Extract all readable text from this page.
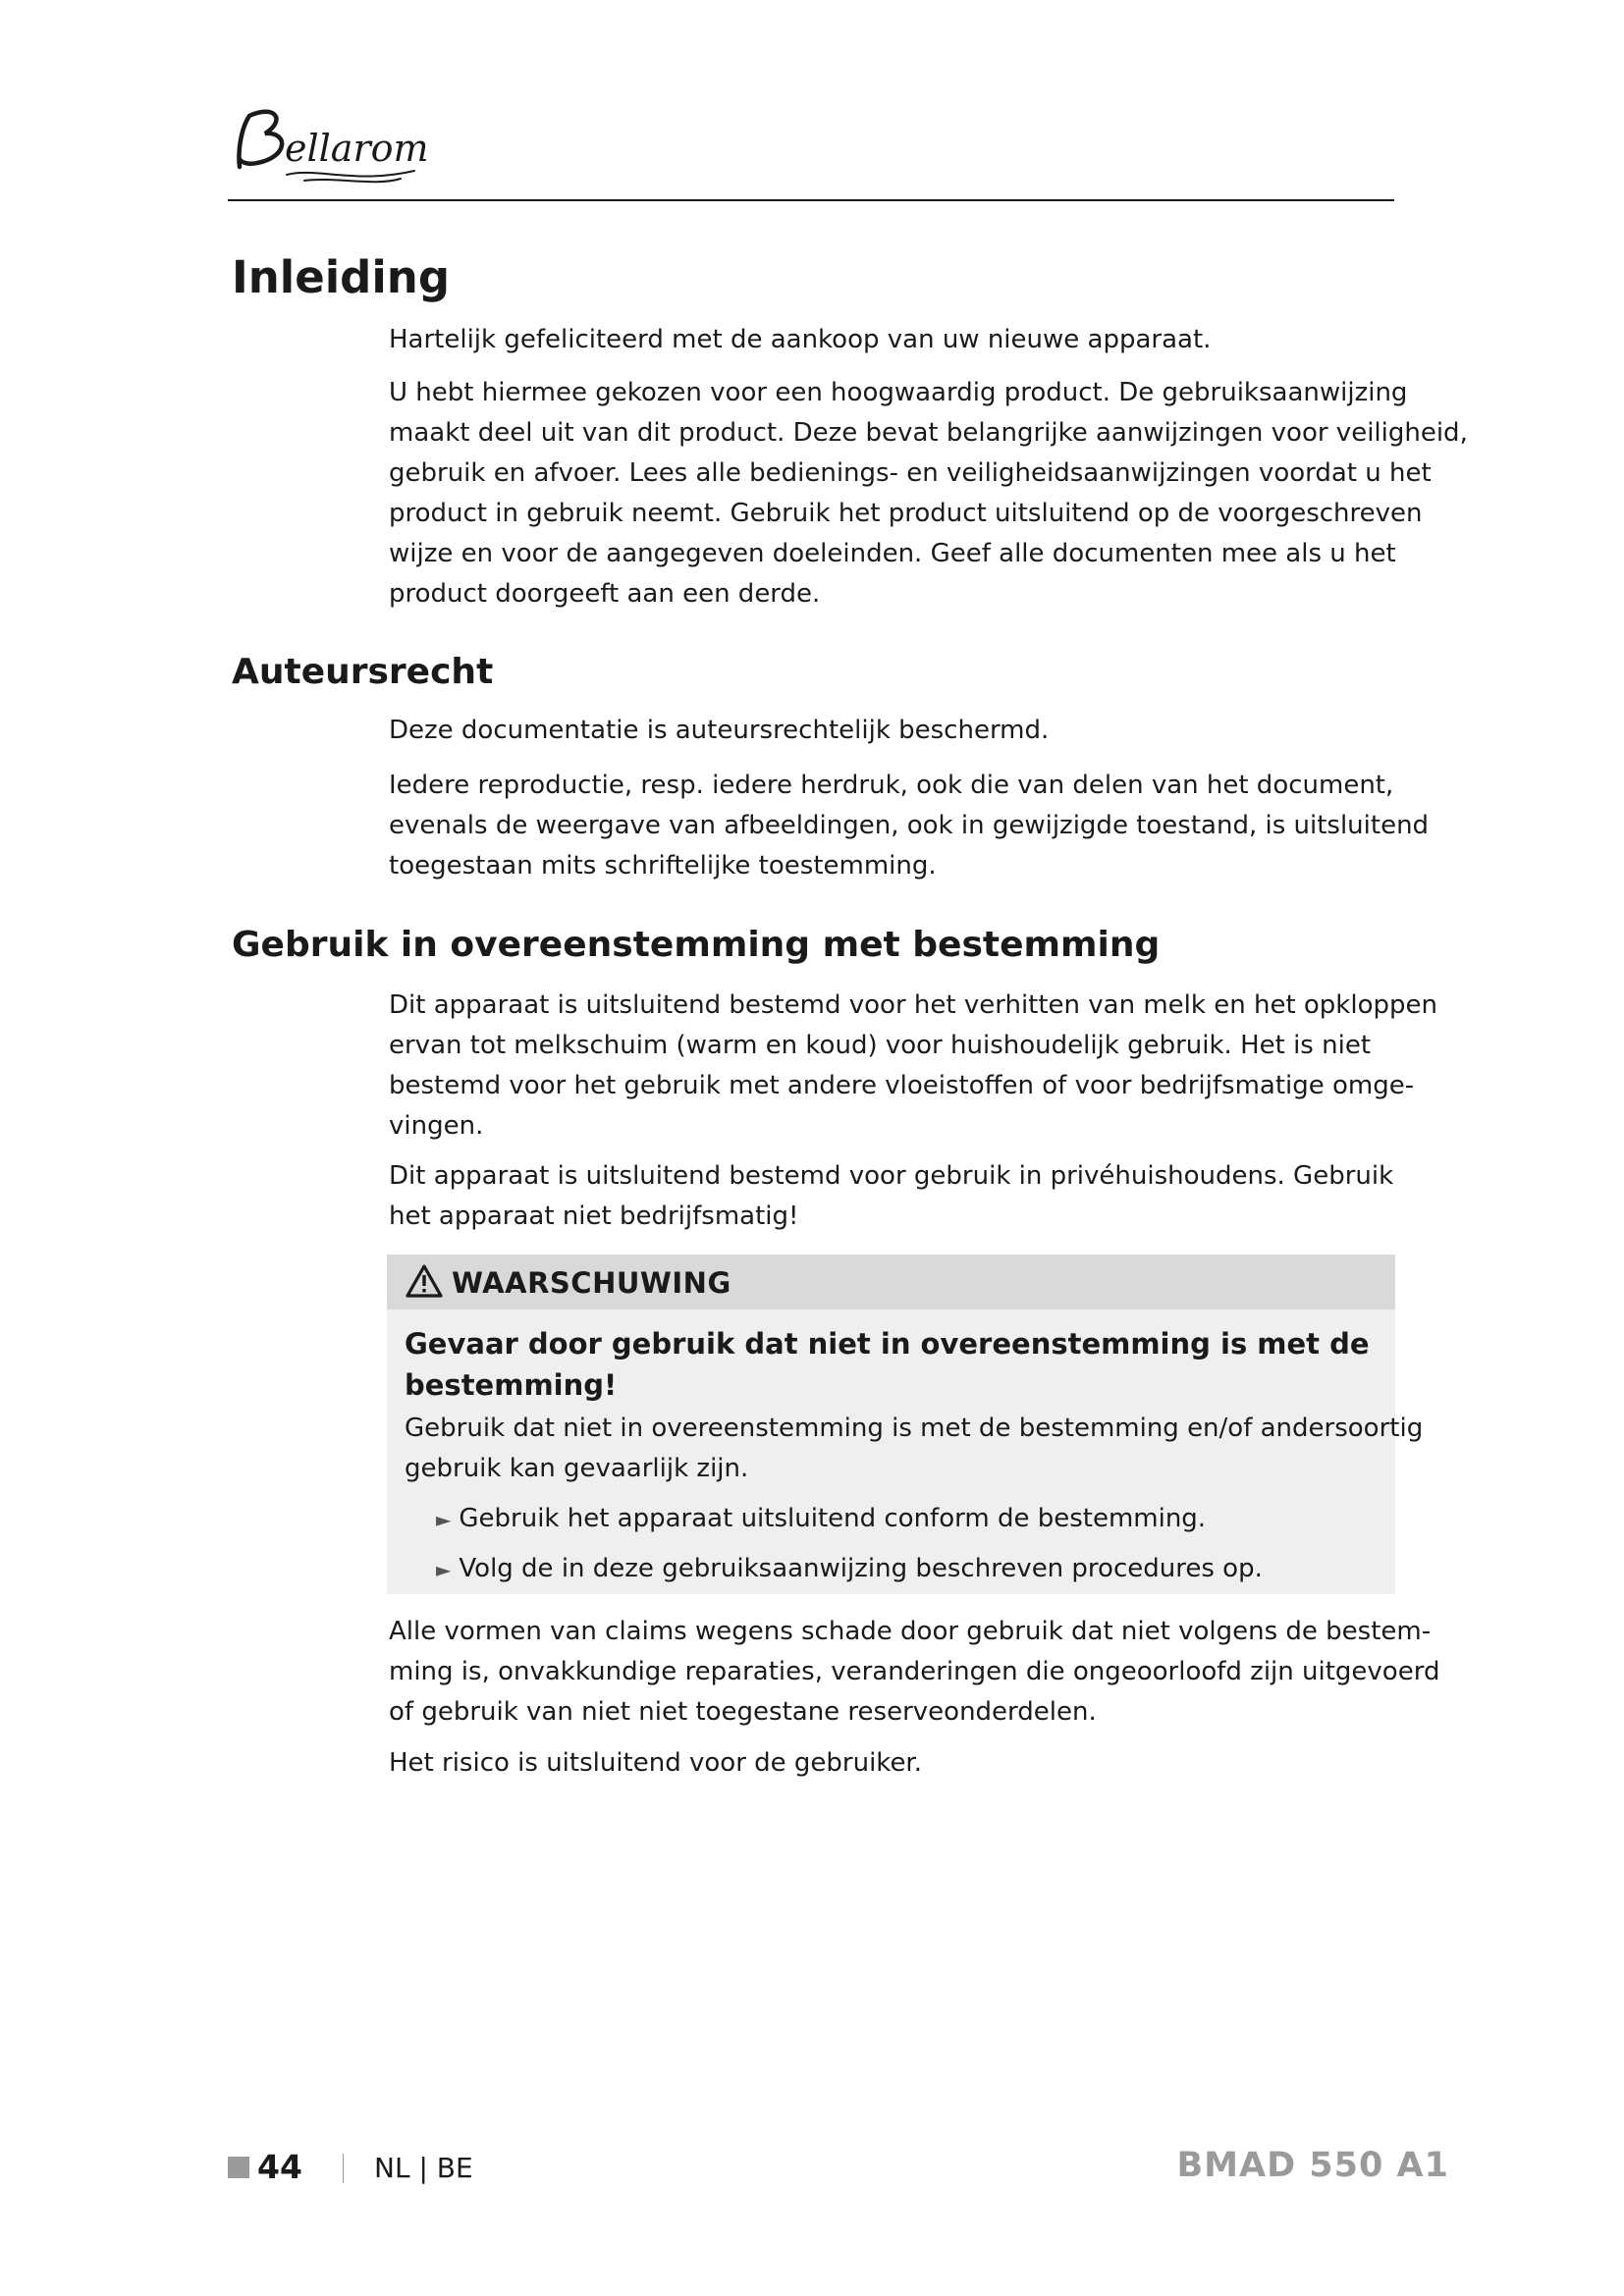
ellarom
Inleiding

Hartelijk gefeliciteerd met de aankoop van uw nieuwe apparaat.

U hebt hiermee gekozen voor een hoogwaardig product. De gebruiksaanwijzing
maakt deel uit van dit product. Deze bevat belangrijke aanwijzingen voor veiligheid,
gebruik en afvoer. Lees alle bedienings- en veiligheidsaanwijzingen voordat u het
product in gebruik neemt. Gebruik het product uitsluitend op de voorgeschreven
wijze en voor de aangegeven doeleinden. Geef alle documenten mee als u het
product doorgeeft aan een derde.

Auteursrecht

Deze documentatie is auteursrechtelijk beschermd.

Iedere reproductie, resp. iedere herdruk, ook die van delen van het document,
evenals de weergave van afbeeldingen, ook in gewijzigde toestand, is uitsluitend
toegestaan mits schriftelijke toestemming.

Gebruik in overeenstemming met bestemming

Dit apparaat is uitsluitend bestemd voor het verhitten van melk en het opkloppen
ervan tot melkschuim (warm en koud) voor huishoudelijk gebruik. Het is niet
bestemd voor het gebruik met andere vloeistoffen of voor bedrijfsmatige omge-
vingen.

Dit apparaat is uitsluitend bestemd voor gebruik in privéhuishoudens. Gebruik
het apparaat niet bedrijfsmatig!

WAARSCHUWING

Gevaar door gebruik dat niet in overeenstemming is met de bestemming!

Gebruik dat niet in overeenstemming is met de bestemming en/of andersoortig
gebruik kan gevaarlijk zijn.

► Gebruik het apparaat uitsluitend conform de bestemming.

► Volg de in deze gebruiksaanwijzing beschreven procedures op.

Alle vormen van claims wegens schade door gebruik dat niet volgens de bestem-
ming is, onvakkundige reparaties, veranderingen die ongeoorloofd zijn uitgevoerd
of gebruik van niet niet toegestane reserveonderdelen.

Het risico is uitsluitend voor de gebruiker.

44	NL | BE	BMAD 550 A1
